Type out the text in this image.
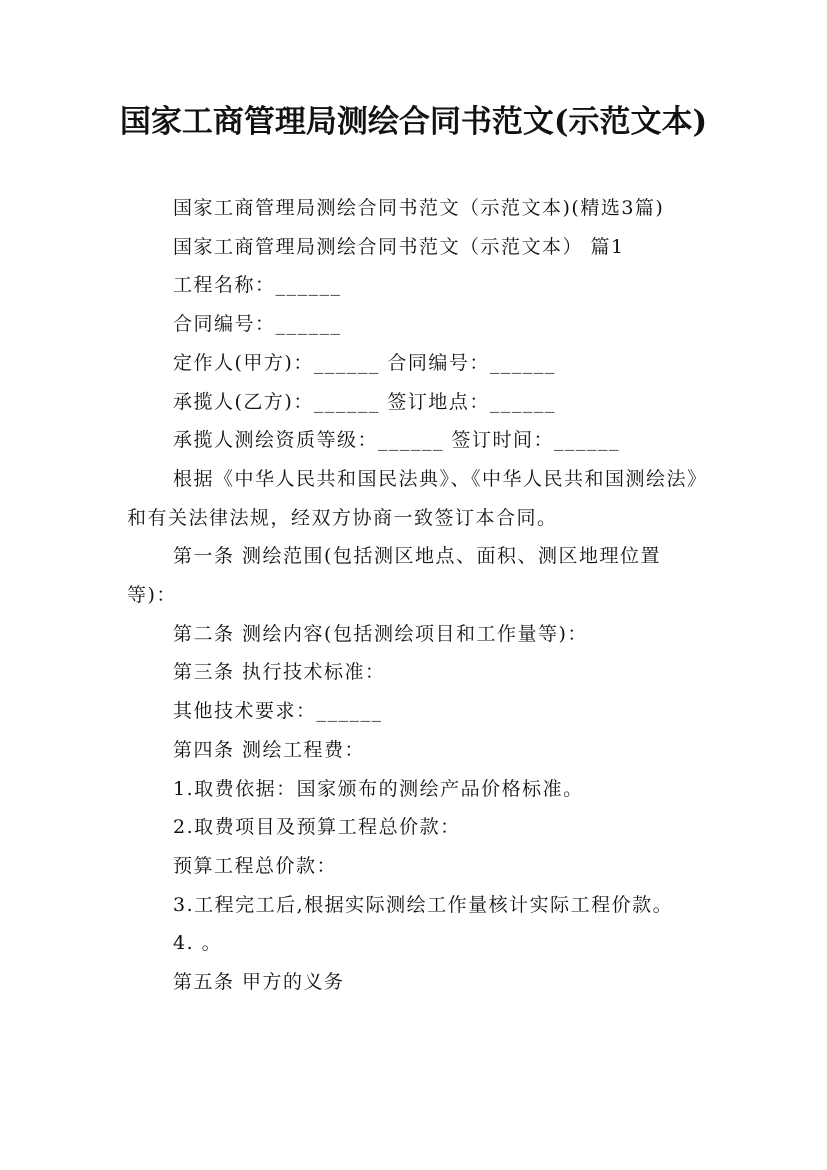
国家工商管理局测绘合同书范文(示范文本)

国家工商管理局测绘合同书范文（示范文本)(精选3篇)

国家工商管理局测绘合同书范文（示范文本） 篇1

工程名称：______

合同编号：______

定作人(甲方)：______ 合同编号：______

承揽人(乙方)：______ 签订地点：______

承揽人测绘资质等级：______ 签订时间：______

根据《中华人民共和国民法典》、《中华人民共和国测绘法》和有关法律法规，经双方协商一致签订本合同。

第一条 测绘范围(包括测区地点、面积、测区地理位置等)：

第二条 测绘内容(包括测绘项目和工作量等)：

第三条 执行技术标准：

其他技术要求：______

第四条 测绘工程费：

1.取费依据：国家颁布的测绘产品价格标准。

2.取费项目及预算工程总价款：

预算工程总价款：

3.工程完工后,根据实际测绘工作量核计实际工程价款。

4. 。

第五条 甲方的义务
